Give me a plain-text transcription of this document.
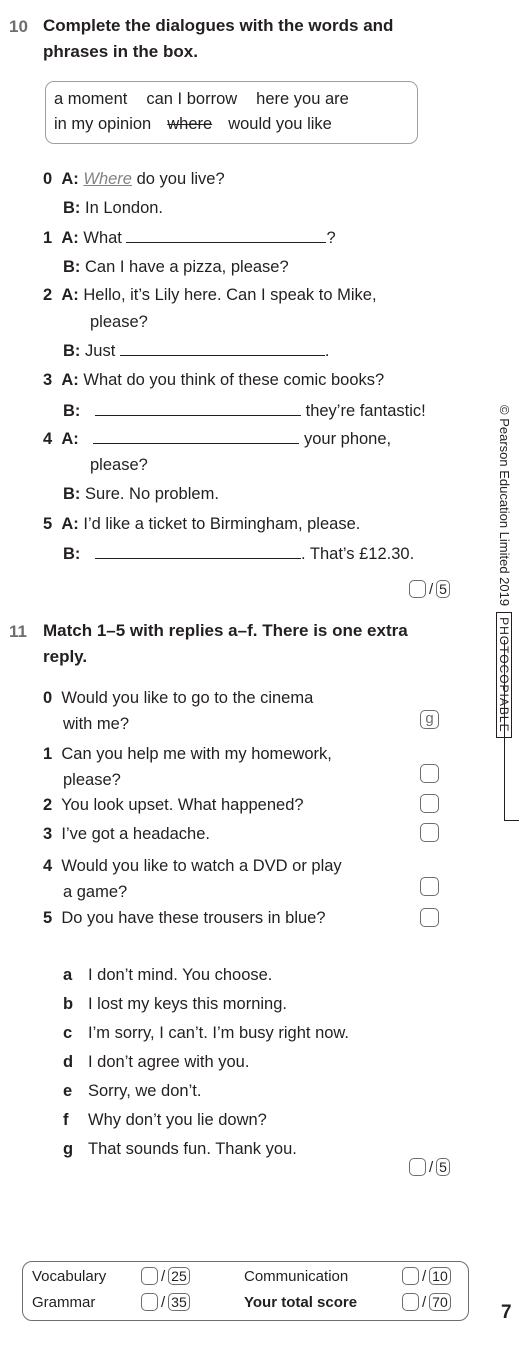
10 Complete the dialogues with the words and
phrases in the box.
a moment can I borrow here you are
in my opinion where would you like
0 A: Where do you live?
B: In London.
1 A: What	?
B: Can I have a pizza, please?
2 A: Hello, it’s Lily here. Can I speak to Mike,
please?
B: Just	.
3 A: What do you think of these comic books?
B:	they’re fantastic!
4 A:	your phone,
please?
B: Sure. No problem.
5 A: I’d like a ticket to Birmingham, please.
B:	. That’s £12.30.
/ 5
11 Match 1–5 with replies a–f. There is one extra
reply.
0 Would you like to go to the cinema
with me?	g
1 Can you help me with my homework,
please?
2 You look upset. What happened?
3 I’ve got a headache.
4 Would you like to watch a DVD or play
a game?
5 Do you have these trousers in blue?
a I don’t mind. You choose.
b I lost my keys this morning.
c I’m sorry, I can’t. I’m busy right now.
d I don’t agree with you.
e Sorry, we don’t.
f Why don’t you lie down?
g That sounds fun. Thank you.
/ 5
© Pearson Education Limited 2019PHOTOCOPIABLE
Vocabulary	/ 25
Grammar	/ 35
Communication	/ 10
Your total score	/ 70	7
